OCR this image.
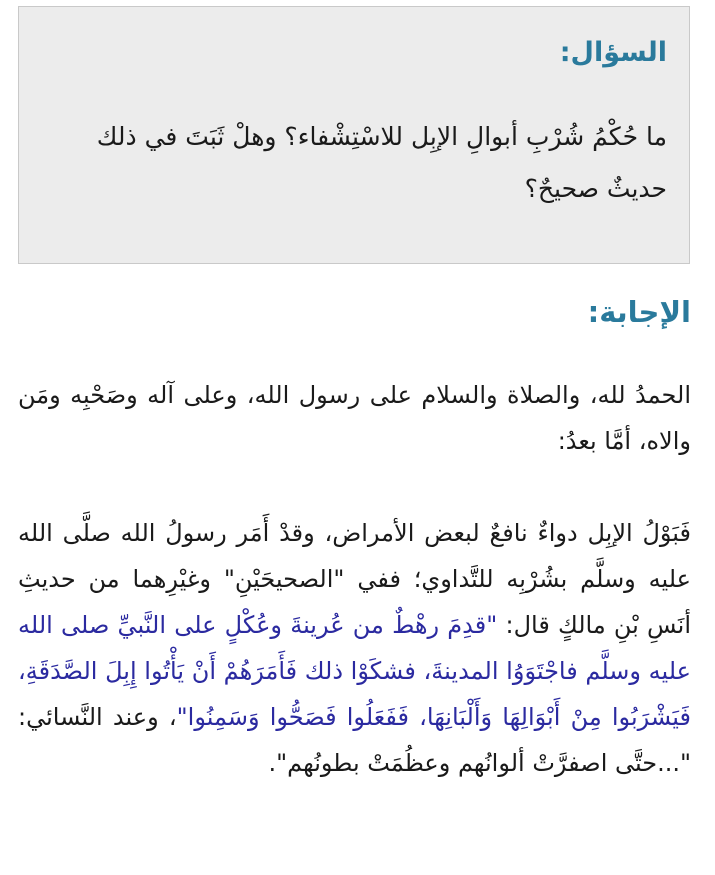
السؤال:
ما حُكْمُ شُرْبِ أبوالِ الإبِل للاسْتِشْفاء؟ وهلْ ثَبَتَ في ذلك حديثٌ صحيحٌ؟
الإجابة:

الحمدُ لله، والصلاة والسلام على رسول الله، وعلى آله وصَحْبِه ومَن والاه، أمَّا بعدُ:

فَبَوْلُ الإبِل دواءٌ نافعٌ لبعض الأمراض، وقدْ أَمَر رسولُ الله صلَّى الله عليه وسلَّم بشُرْبِه للتَّداوي؛ ففي "الصحيحَيْنِ" وغيْرِهما من حديثِ أنَسِ بْنِ مالكٍ قال: "قدِمَ رهْطٌ من عُرينةَ وعُكْلٍ على النَّبيِّ صلى الله عليه وسلَّم فاجْتَوَوُا المدينةَ، فشكَوْا ذلك فَأَمَرَهُمْ أَنْ يَأْتُوا إِبِلَ الصَّدَقَةِ، فَيَشْرَبُوا مِنْ أَبْوَالِهَا وَأَلْبَانِهَا، فَفَعَلُوا فَصَحُّوا وَسَمِنُوا"، وعند النَّسائي: "...حتَّى اصفرَّتْ ألوانُهم وعظُمَتْ بطونُهم".
